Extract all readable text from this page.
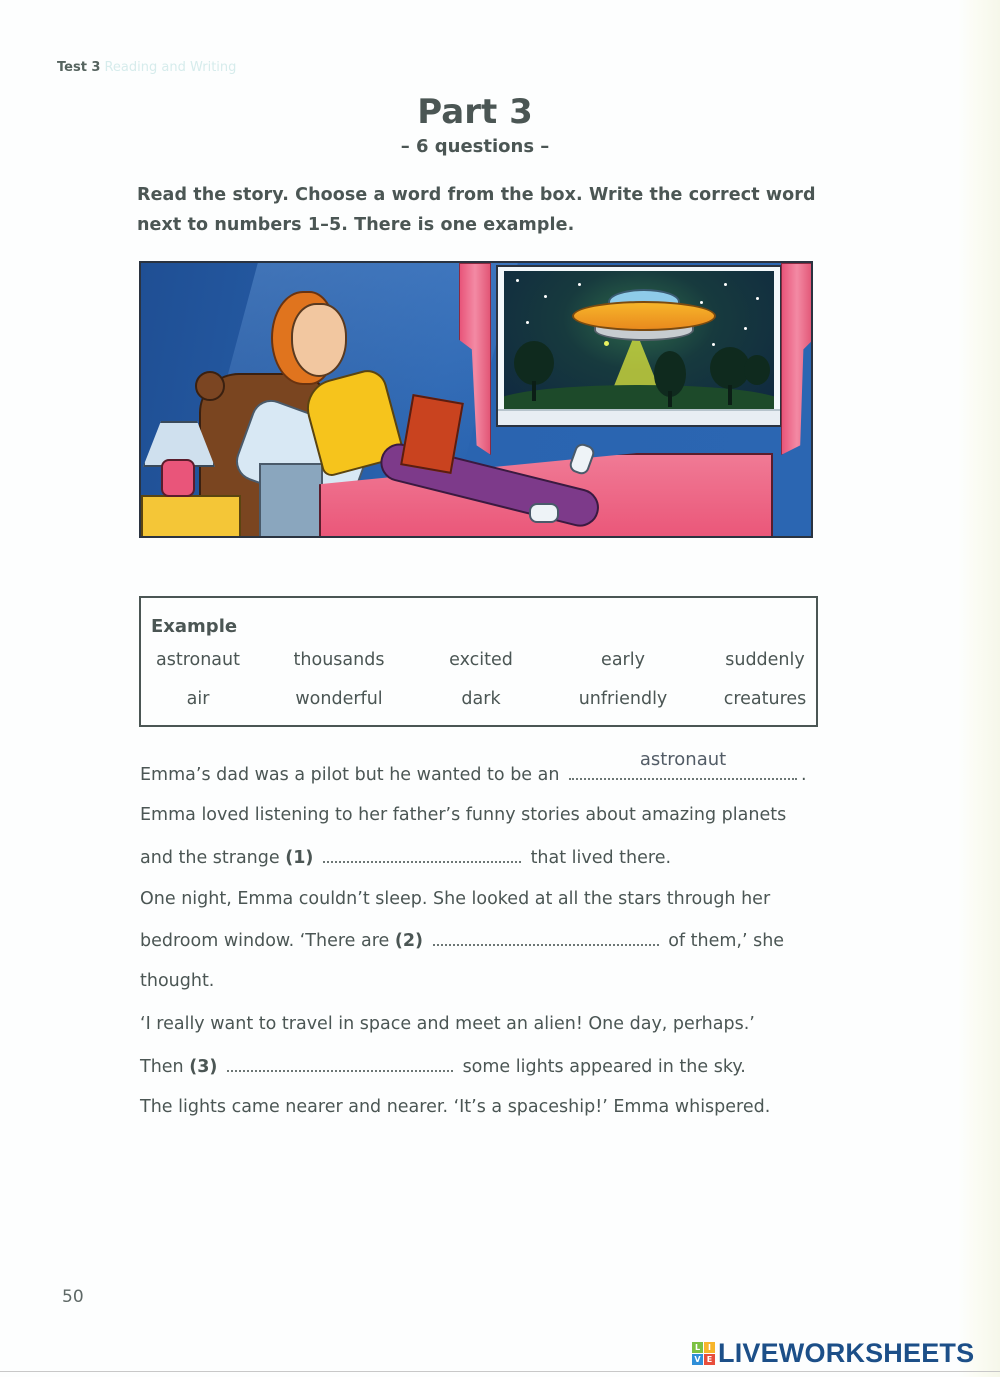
Test 3 Reading and Writing
Part 3
– 6 questions –
Read the story. Choose a word from the box. Write the correct word next to numbers 1–5. There is one example.
Example
astronaut	thousands	excited	early	suddenly
air	wonderful	dark	unfriendly	creatures
Emma’s dad was a pilot but he wanted to be an
astronaut
.
Emma loved listening to her father’s funny stories about amazing planets
and the strange (1)	that lived there.
One night, Emma couldn’t sleep. She looked at all the stars through her
bedroom window. ‘There are (2)	of them,’ she
thought.
‘I really want to travel in space and meet an alien! One day, perhaps.’
Then (3)	some lights appeared in the sky.
The lights came nearer and nearer. ‘It’s a spaceship!’ Emma whispered.
50
L I
V E LIVEWORKSHEETS
